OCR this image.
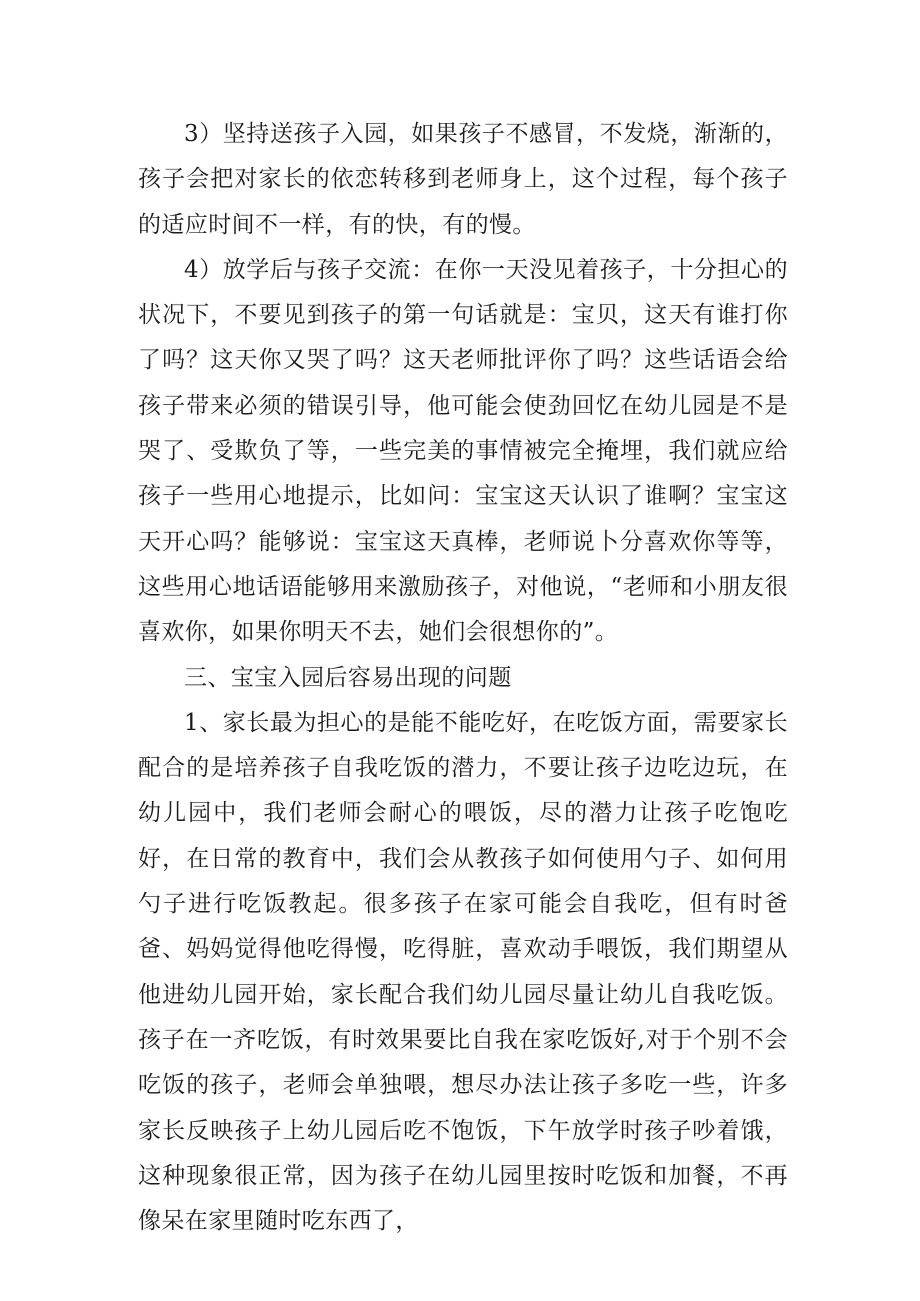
3）坚持送孩子入园，如果孩子不感冒，不发烧，渐渐的，孩子会把对家长的依恋转移到老师身上，这个过程，每个孩子的适应时间不一样，有的快，有的慢。

4）放学后与孩子交流：在你一天没见着孩子，十分担心的状况下，不要见到孩子的第一句话就是：宝贝，这天有谁打你了吗？这天你又哭了吗？这天老师批评你了吗？这些话语会给孩子带来必须的错误引导，他可能会使劲回忆在幼儿园是不是哭了、受欺负了等，一些完美的事情被完全掩埋，我们就应给孩子一些用心地提示，比如问：宝宝这天认识了谁啊？宝宝这天开心吗？能够说：宝宝这天真棒，老师说卜分喜欢你等等，这些用心地话语能够用来激励孩子，对他说，“老师和小朋友很喜欢你，如果你明天不去，她们会很想你的”。

三、宝宝入园后容易出现的问题

1、家长最为担心的是能不能吃好，在吃饭方面，需要家长配合的是培养孩子自我吃饭的潜力，不要让孩子边吃边玩，在幼儿园中，我们老师会耐心的喂饭，尽的潜力让孩子吃饱吃好，在日常的教育中，我们会从教孩子如何使用勺子、如何用勺子进行吃饭教起。很多孩子在家可能会自我吃，但有时爸爸、妈妈觉得他吃得慢，吃得脏，喜欢动手喂饭，我们期望从他进幼儿园开始，家长配合我们幼儿园尽量让幼儿自我吃饭。孩子在一齐吃饭，有时效果要比自我在家吃饭好,对于个别不会吃饭的孩子，老师会单独喂，想尽办法让孩子多吃一些，许多家长反映孩子上幼儿园后吃不饱饭，下午放学时孩子吵着饿，这种现象很正常，因为孩子在幼儿园里按时吃饭和加餐，不再像呆在家里随时吃东西了，
